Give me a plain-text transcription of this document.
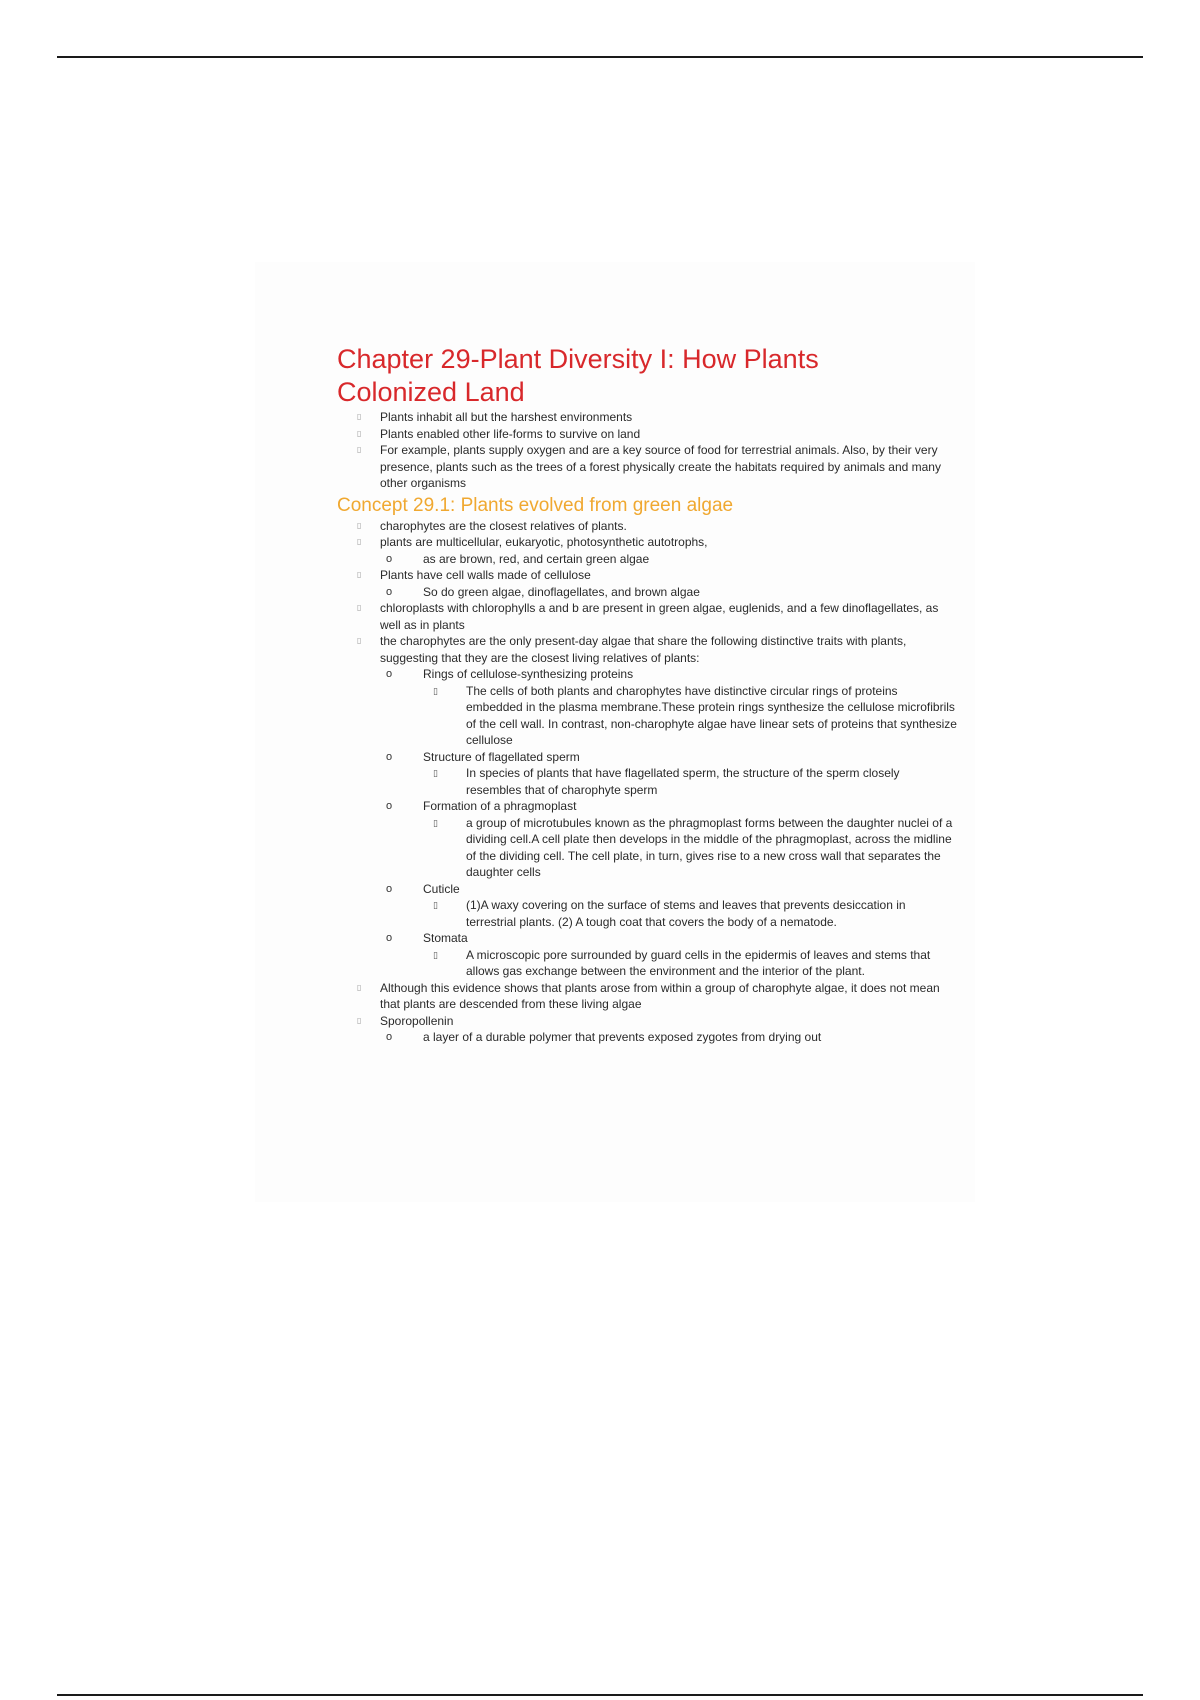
Chapter 29-Plant Diversity I: How Plants Colonized Land
▯ Plants inhabit all but the harshest environments
▯ Plants enabled other life-forms to survive on land
▯ For example, plants supply oxygen and are a key source of food for terrestrial animals. Also, by their very presence, plants such as the trees of a forest physically create the habitats required by animals and many other organisms
Concept 29.1: Plants evolved from green algae
▯ charophytes are the closest relatives of plants.
▯ plants are multicellular, eukaryotic, photosynthetic autotrophs,
o	as are brown, red, and certain green algae
▯ Plants have cell walls made of cellulose
o	So do green algae, dinoflagellates, and brown algae
▯ chloroplasts with chlorophylls a and b are present in green algae, euglenids, and a few dinoflagellates, as well as in plants
▯ the charophytes are the only present-day algae that share the following distinctive traits with plants, suggesting that they are the closest living relatives of plants:
o	Rings of cellulose-synthesizing proteins
▯ The cells of both plants and charophytes have distinctive circular rings of proteins embedded in the plasma membrane.These protein rings synthesize the cellulose microfibrils of the cell wall. In contrast, non-charophyte algae have linear sets of proteins that synthesize cellulose
o	Structure of flagellated sperm
▯ In species of plants that have flagellated sperm, the structure of the sperm closely resembles that of charophyte sperm
o	Formation of a phragmoplast
▯ a group of microtubules known as the phragmoplast forms between the daughter nuclei of a dividing cell.A cell plate then develops in the middle of the phragmoplast, across the midline of the dividing cell. The cell plate, in turn, gives rise to a new cross wall that separates the daughter cells
o	Cuticle
▯ (1)A waxy covering on the surface of stems and leaves that prevents desiccation in terrestrial plants. (2) A tough coat that covers the body of a nematode.
o	Stomata
▯ A microscopic pore surrounded by guard cells in the epidermis of leaves and stems that allows gas exchange between the environment and the interior of the plant.
▯ Although this evidence shows that plants arose from within a group of charophyte algae, it does not mean that plants are descended from these living algae
▯ Sporopollenin
o	a layer of a durable polymer that prevents exposed zygotes from drying out
